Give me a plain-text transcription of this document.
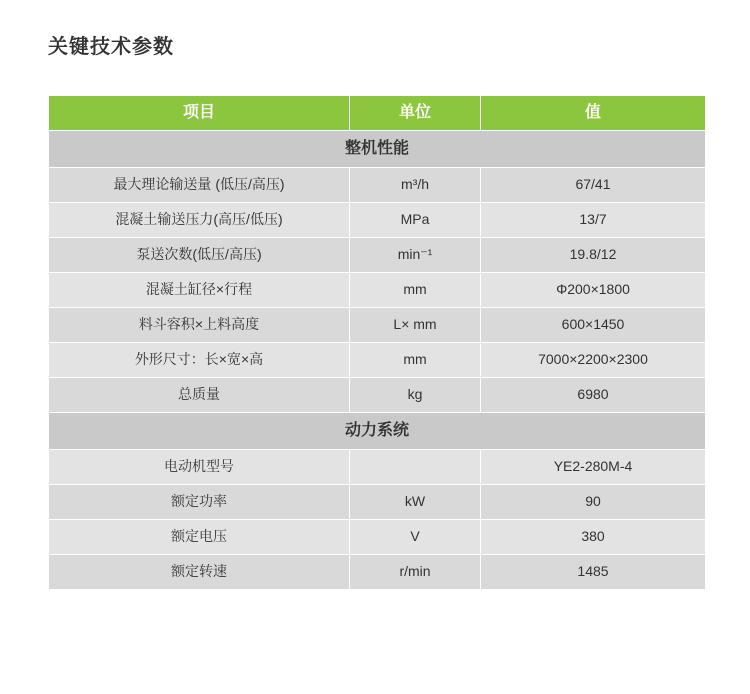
关键技术参数
项目	单位	值
整机性能		
最大理论输送量 (低压/高压)	m³/h	67/41
混凝土输送压力(高压/低压)	MPa	13/7
泵送次数(低压/高压)	min⁻¹	19.8/12
混凝土缸径×行程	mm	Φ200×1800
料斗容积×上料高度	L× mm	600×1450
外形尺寸：长×宽×高	mm	7000×2200×2300
总质量	kg	6980
动力系统		
电动机型号		YE2-280M-4
额定功率	kW	90
额定电压	V	380
额定转速	r/min	1485
